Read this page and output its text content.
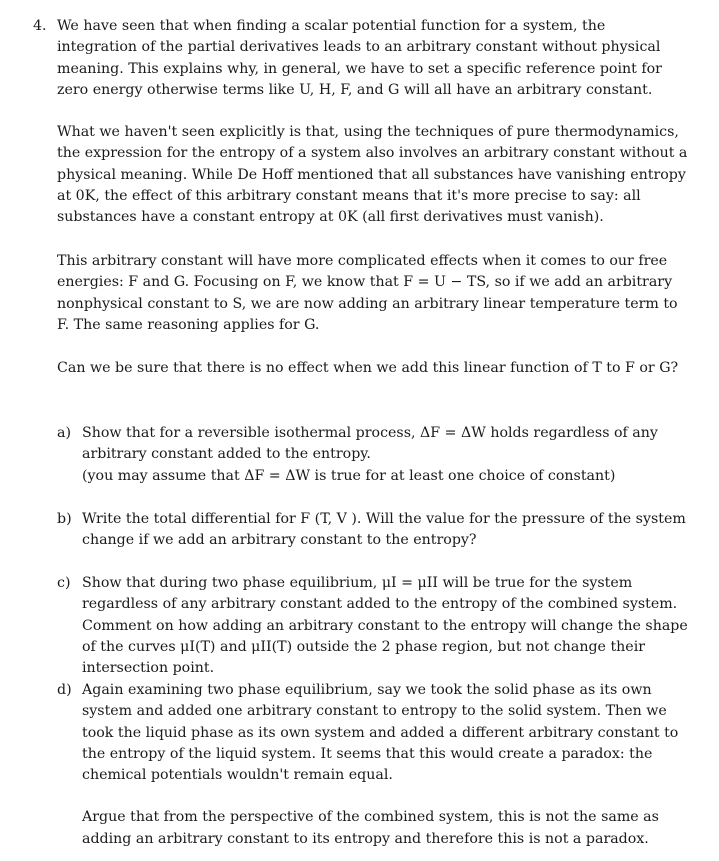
4. We have seen that when finding a scalar potential function for a system, the integration of the partial derivatives leads to an arbitrary constant without physical meaning. This explains why, in general, we have to set a specific reference point for zero energy otherwise terms like U, H, F, and G will all have an arbitrary constant.

What we haven't seen explicitly is that, using the techniques of pure thermodynamics, the expression for the entropy of a system also involves an arbitrary constant without a physical meaning. While De Hoff mentioned that all substances have vanishing entropy at 0K, the effect of this arbitrary constant means that it's more precise to say: all substances have a constant entropy at 0K (all first derivatives must vanish).

This arbitrary constant will have more complicated effects when it comes to our free energies: F and G. Focusing on F, we know that F = U − TS, so if we add an arbitrary nonphysical constant to S, we are now adding an arbitrary linear temperature term to F. The same reasoning applies for G.

Can we be sure that there is no effect when we add this linear function of T to F or G?

a) Show that for a reversible isothermal process, ΔF = ΔW holds regardless of any arbitrary constant added to the entropy.

(you may assume that ΔF = ΔW is true for at least one choice of constant)

b) Write the total differential for F (T, V ). Will the value for the pressure of the system change if we add an arbitrary constant to the entropy?

c) Show that during two phase equilibrium, μI = μII will be true for the system regardless of any arbitrary constant added to the entropy of the combined system. Comment on how adding an arbitrary constant to the entropy will change the shape of the curves μI(T) and μII(T) outside the 2 phase region, but not change their intersection point.

d) Again examining two phase equilibrium, say we took the solid phase as its own system and added one arbitrary constant to entropy to the solid system. Then we took the liquid phase as its own system and added a different arbitrary constant to the entropy of the liquid system. It seems that this would create a paradox: the chemical potentials wouldn't remain equal.

Argue that from the perspective of the combined system, this is not the same as adding an arbitrary constant to its entropy and therefore this is not a paradox.
